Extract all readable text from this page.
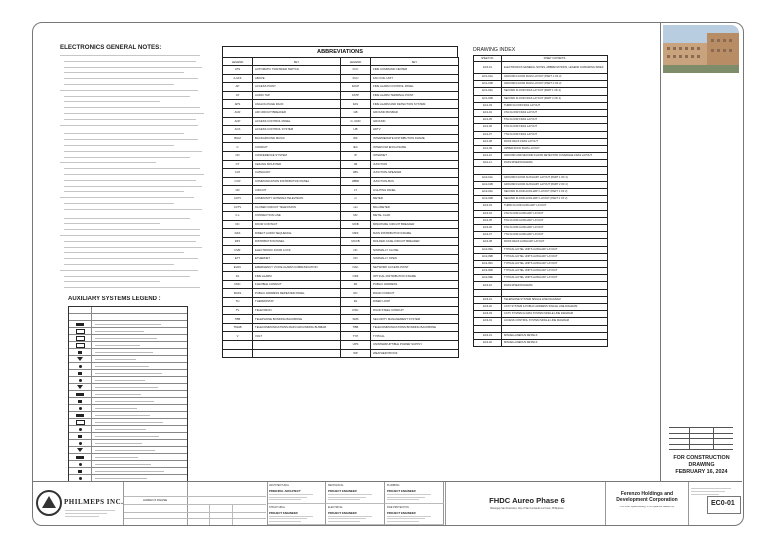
ELECTRONICS GENERAL NOTES:
AUXILIARY SYSTEMS LEGEND :
ABBREVIATIONS
LEGEND	KEY	LEGEND	KEY
ATS	AUTOMATIC TRANSFER SWITCH	FCC	FIRE COMMAND CENTER
A.AFF	ABOVE	FCU	FAN COIL UNIT
AP	ACCESS POINT	FACP	FIRE ALARM CONTROL PANEL
AT	AUDIO TAP	FATP	FIRE ALARM TERMINAL POINT
APS	ANALOG PAGE RACK	FAS	FIRE ALARM AND DETECTION SYSTEM
ACR	AIR CIRCUIT BREAKER	GB	GROUND BUSBAR
ACP	ACCESS CONTROL PANEL	G, GND	GROUND
ACS	ACCESS CONTROL SYSTEM	HB	HDTV
BGM	BACKGROUND MUSIC	IDF	INTERMEDIATE DISTRIBUTION FRAME
C	CONDUIT	IEC	INTERCOM ENCLOSURE
CD	CONFERENCE SYSTEM	IP	INTERNET
CT	CEILING MOUNTED	JB	JUNCTION
CAT	CATEGORY	JBS	JUNCTION-SPEAKER
CCP	COMMUNICATION DISTRIBUTION PANEL	JBBR	JUNCTION-BUS
CR	CIRCUIT	LT	LIGHTING PANEL
CATV	COMMUNITY ANTENNA TELEVISION	m	METER
CCTV	CLOSED CIRCUIT TELEVISION	mm	MILLIMETER
C.L	CONNECTION LINE	MC	METAL CLAD
DC	DOOR CONTACT	MCB	MINIATURE CIRCUIT BREAKER
DAS	DIRECT AUDIO SEQUENCE	MDF	MAIN DISTRIBUTION FRAME
DP1	DISTRIBUTION PANEL	MCCB	MOLDED CASE CIRCUIT BREAKER
DVR	ELECTRONIC DOOR LOCK	NC	NORMALLY CLOSE
ETT	ETHERNET	NO	NORMALLY OPEN
EVAC	EMERGENCY VOICE ALARM COMMUNICATION	NAC	NETWORK ACCESS POINT
FA	FIRE ALARM	ODF	OPTICAL DISTRIBUTION FRAME
FMC	FLEXIBLE CONDUIT	PA	PUBLIC ADDRESS
FRAS	PUBLIC ADDRESS REPEATER PANEL	RC	RIGID CONDUIT
TH	THERMOSTAT	RL	RISER LOOP
TV	TELEVISION	RSC	RIGID STEEL CONDUIT
TBB	TELEPHONE BONDING BACKBONE	SMS	SECURITY MANAGEMENT SYSTEM
TMGB	TELECOMMUNICATIONS MAIN GROUNDING BUSBAR	TBB	TELECOMMUNICATIONS BONDING BACKBONE
V	VOLT	TYP	TYPICAL
		UPS	UNINTERRUPTIBLE POWER SUPPLY
		WP	WEATHER PROOF
DRAWING INDEX
SHEET NO.	SHEET CONTENTS
EC0-01	ELECTRONICS GENERAL NOTES, ABBREVIATIONS, LEGEND & DRAWING INDEX
EC1-01A	GROUND FLOOR FDAS LAYOUT (PART 1 OF 2)
EC1-01B	GROUND FLOOR FDAS LAYOUT (PART 2 OF 2)
EC1-02A	SECOND FLOOR FDAS LAYOUT (PART 1 OF 2)
EC1-02B	SECOND FLOOR FDAS LAYOUT (PART 2 OF 2)
EC1-03	THIRD FLOOR FDAS LAYOUT
EC1-04	4TH FLOOR FDAS LAYOUT
EC1-05	5TH FLOOR FDAS LAYOUT
EC1-06	6TH FLOOR FDAS LAYOUT
EC1-07	7TH FLOOR FDAS LAYOUT
EC1-08	ROOF DECK FDAS LAYOUT
EC1-09	UPPER ROOF FDAS LAYOUT
EC1-10	GROUND AND SECOND FLOOR DETECTOR COVERAGE FDAS LAYOUT
EC1-11	FDAS RISER DIAGRAM

EC2-01A	GROUND FLOOR AUXILIARY LAYOUT (PART 1 OF 2)
EC2-01B	GROUND FLOOR AUXILIARY LAYOUT (PART 2 OF 2)
EC2-02A	SECOND FLOOR AUXILIARY LAYOUT (PART 1 OF 2)
EC2-02B	SECOND FLOOR AUXILIARY LAYOUT (PART 2 OF 2)
EC2-03	THIRD FLOOR AUXILIARY LAYOUT
EC2-04	4TH FLOOR AUXILIARY LAYOUT
EC2-05	5TH FLOOR AUXILIARY LAYOUT
EC2-06	6TH FLOOR AUXILIARY LAYOUT
EC2-07	7TH FLOOR AUXILIARY LAYOUT
EC2-08	ROOF DECK AUXILIARY LAYOUT
EC2-09A	TYPICAL HOTEL UNITS AUXILIARY LAYOUT
EC2-09B	TYPICAL HOTEL UNITS AUXILIARY LAYOUT
EC2-09C	TYPICAL HOTEL UNITS AUXILIARY LAYOUT
EC2-09D	TYPICAL HOTEL UNITS AUXILIARY LAYOUT
EC2-09E	TYPICAL HOTEL UNITS AUXILIARY LAYOUT
EC2-10	FDAS RISER DIAGRAM

EC3-01	TELEPHONE SYSTEM SINGLE LINE DIAGRAM
EC3-02	CATV SYSTEM & PUBLIC ADDRESS SINGLE LINE DIAGRAM
EC3-03	CCTV SYSTEM & DATA SYSTEM SINGLE LINE DIAGRAM
EC3-04	ACCESS CONTROL SYSTEM SINGLE LINE DIAGRAM

EC4-01	MISCELLANEOUS DETAILS
EC4-02	MISCELLANEOUS DETAILS
FOR CONSTRUCTION
DRAWING
FEBRUARY 16, 2024
PHILMEPS INC.	AUREO 6 PHASE
ARCHITECTURAL
PRINCIPAL ARCHITECT
STRUCTURAL
PROJECT ENGINEER
MECHANICAL
PROJECT ENGINEER
ELECTRICAL
PROJECT ENGINEER
PLUMBING
PROJECT ENGINEER
FIRE PROTECTION
PROJECT ENGINEER
FHDC Aureo Phase 6
Barangay San Francisco, City of San Fernando La Union, Philippines
Ferenzo Holdings and Development Corporation
17th Floor, Ayala Building, 6750 Ayala Ave Makati City	EC0-01
